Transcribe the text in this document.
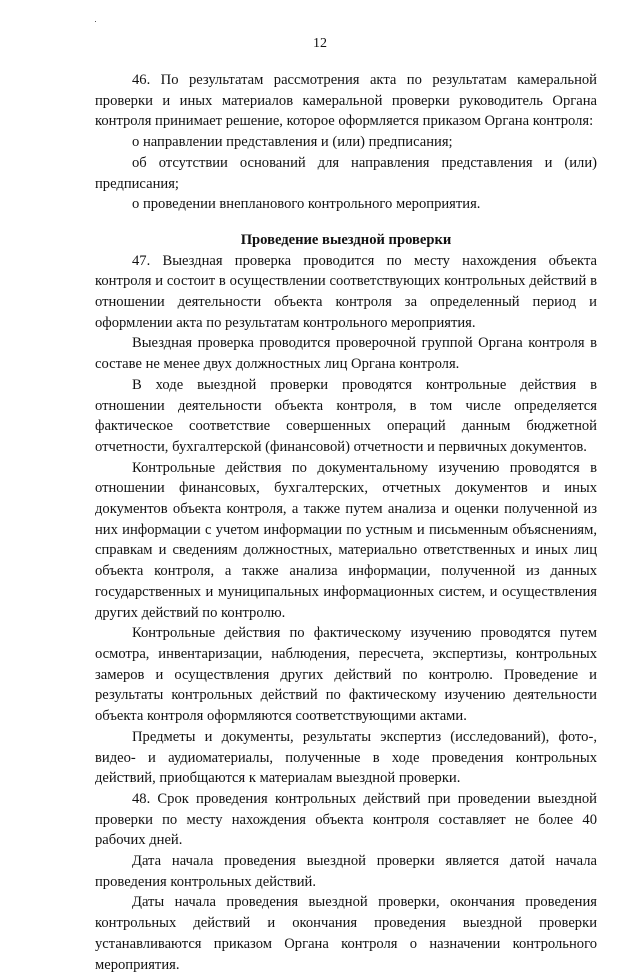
12

46. По результатам рассмотрения акта по результатам камеральной проверки и иных материалов камеральной проверки руководитель Органа контроля принимает решение, которое оформляется приказом Органа контроля:

о направлении представления и (или) предписания;

об отсутствии оснований для направления представления и (или) предписания;

о проведении внепланового контрольного мероприятия.

Проведение выездной проверки

47. Выездная проверка проводится по месту нахождения объекта контроля и состоит в осуществлении соответствующих контрольных действий в отношении деятельности объекта контроля за определенный период и оформлении акта по результатам контрольного мероприятия.

Выездная проверка проводится проверочной группой Органа контроля в составе не менее двух должностных лиц Органа контроля.

В ходе выездной проверки проводятся контрольные действия в отношении деятельности объекта контроля, в том числе определяется фактическое соответствие совершенных операций данным бюджетной отчетности, бухгалтерской (финансовой) отчетности и первичных документов.

Контрольные действия по документальному изучению проводятся в отношении финансовых, бухгалтерских, отчетных документов и иных документов объекта контроля, а также путем анализа и оценки полученной из них информации с учетом информации по устным и письменным объяснениям, справкам и сведениям должностных, материально ответственных и иных лиц объекта контроля, а также анализа информации, полученной из данных государственных и муниципальных информационных систем, и осуществления других действий по контролю.

Контрольные действия по фактическому изучению проводятся путем осмотра, инвентаризации, наблюдения, пересчета, экспертизы, контрольных замеров и осуществления других действий по контролю. Проведение и результаты контрольных действий по фактическому изучению деятельности объекта контроля оформляются соответствующими актами.

Предметы и документы, результаты экспертиз (исследований), фото-, видео- и аудиоматериалы, полученные в ходе проведения контрольных действий, приобщаются к материалам выездной проверки.

48. Срок проведения контрольных действий при проведении выездной проверки по месту нахождения объекта контроля составляет не более 40 рабочих дней.

Дата начала проведения выездной проверки является датой начала проведения контрольных действий.

Даты начала проведения выездной проверки, окончания проведения контрольных действий и окончания проведения выездной проверки устанавливаются приказом Органа контроля о назначении контрольного мероприятия.
